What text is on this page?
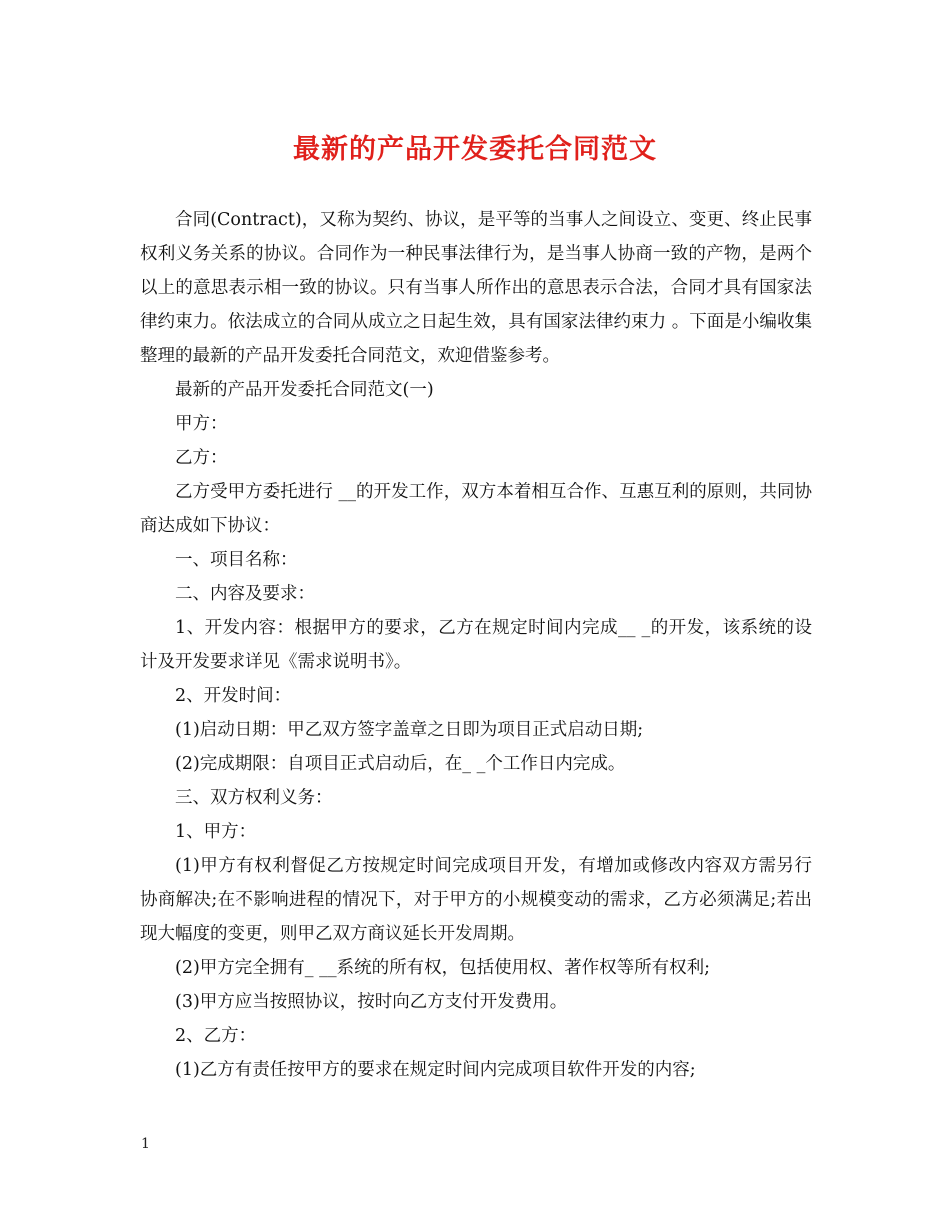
最新的产品开发委托合同范文

合同(Contract)，又称为契约、协议，是平等的当事人之间设立、变更、终止民事权利义务关系的协议。合同作为一种民事法律行为，是当事人协商一致的产物，是两个以上的意思表示相一致的协议。只有当事人所作出的意思表示合法，合同才具有国家法律约束力。依法成立的合同从成立之日起生效，具有国家法律约束力 。下面是小编收集整理的最新的产品开发委托合同范文，欢迎借鉴参考。

最新的产品开发委托合同范文(一)

甲方：

乙方：

乙方受甲方委托进行 __的开发工作，双方本着相互合作、互惠互利的原则，共同协商达成如下协议：

一、项目名称：

二、内容及要求：

1、开发内容：根据甲方的要求，乙方在规定时间内完成__ _的开发，该系统的设计及开发要求详见《需求说明书》。

2、开发时间：

(1)启动日期：甲乙双方签字盖章之日即为项目正式启动日期;

(2)完成期限：自项目正式启动后，在_ _个工作日内完成。

三、双方权利义务：

1、甲方：

(1)甲方有权利督促乙方按规定时间完成项目开发，有增加或修改内容双方需另行协商解决;在不影响进程的情况下，对于甲方的小规模变动的需求，乙方必须满足;若出现大幅度的变更，则甲乙双方商议延长开发周期。

(2)甲方完全拥有_ __系统的所有权，包括使用权、著作权等所有权利;

(3)甲方应当按照协议，按时向乙方支付开发费用。

2、乙方：

(1)乙方有责任按甲方的要求在规定时间内完成项目软件开发的内容;

1
